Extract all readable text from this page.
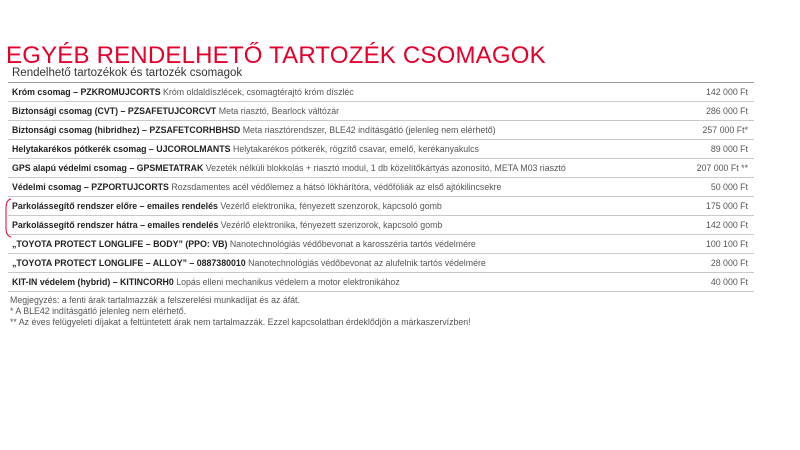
EGYÉB RENDELHETŐ TARTOZÉK CSOMAGOK
Rendelhető tartozékok és tartozék csomagok
Króm csomag – PZKROMUJCORTS Króm oldaldíszlécek, csomagtérajtó króm díszléc	142 000 Ft
Biztonsági csomag (CVT) – PZSAFETUJCORCVT Meta riasztó, Bearlock váltózár	286 000 Ft
Biztonsági csomag (hibridhez) – PZSAFETCORHBHSD Meta riasztórendszer, BLE42 indításgátló (jelenleg nem elérhető)	257 000 Ft*
Helytakarékos pótkerék csomag – UJCOROLMANTS Helytakarékos pótkerék, rögzítő csavar, emelő, kerékanyakulcs	89 000 Ft
GPS alapú védelmi csomag – GPSMETATRAK Vezeték nélküli blokkolás + riasztó modul, 1 db közelítőkártyás azonosító, META M03 riasztó	207 000 Ft **
Védelmi csomag – PZPORTUJCORTS Rozsdamentes acél védőlemez a hátsó lökhárítóra, védőfóliák az első ajtókilincsekre	50 000 Ft
Parkolássegítő rendszer előre – emailes rendelés Vezérlő elektronika, fényezett szenzorok, kapcsoló gomb	175 000 Ft
Parkolássegítő rendszer hátra – emailes rendelés Vezérlő elektronika, fényezett szenzorok, kapcsoló gomb	142 000 Ft
„TOYOTA PROTECT LONGLIFE – BODY” (PPO: VB) Nanotechnológiás védőbevonat a karosszéria tartós védelmére	100 100 Ft
„TOYOTA PROTECT LONGLIFE – ALLOY” – 0887380010 Nanotechnológiás védőbevonat az alufelnik tartós védelmére	28 000 Ft
KIT-IN védelem (hybrid) – KITINCORH0 Lopás elleni mechanikus védelem a motor elektronikához	40 000 Ft
Megjegyzés: a fenti árak tartalmazzák a felszerelési munkadíjat és az áfát.
* A BLE42 indításgátló jelenleg nem elérhető.
** Az éves felügyeleti díjakat a feltüntetett árak nem tartalmazzák. Ezzel kapcsolatban érdeklődjön a márkaszervízben!
